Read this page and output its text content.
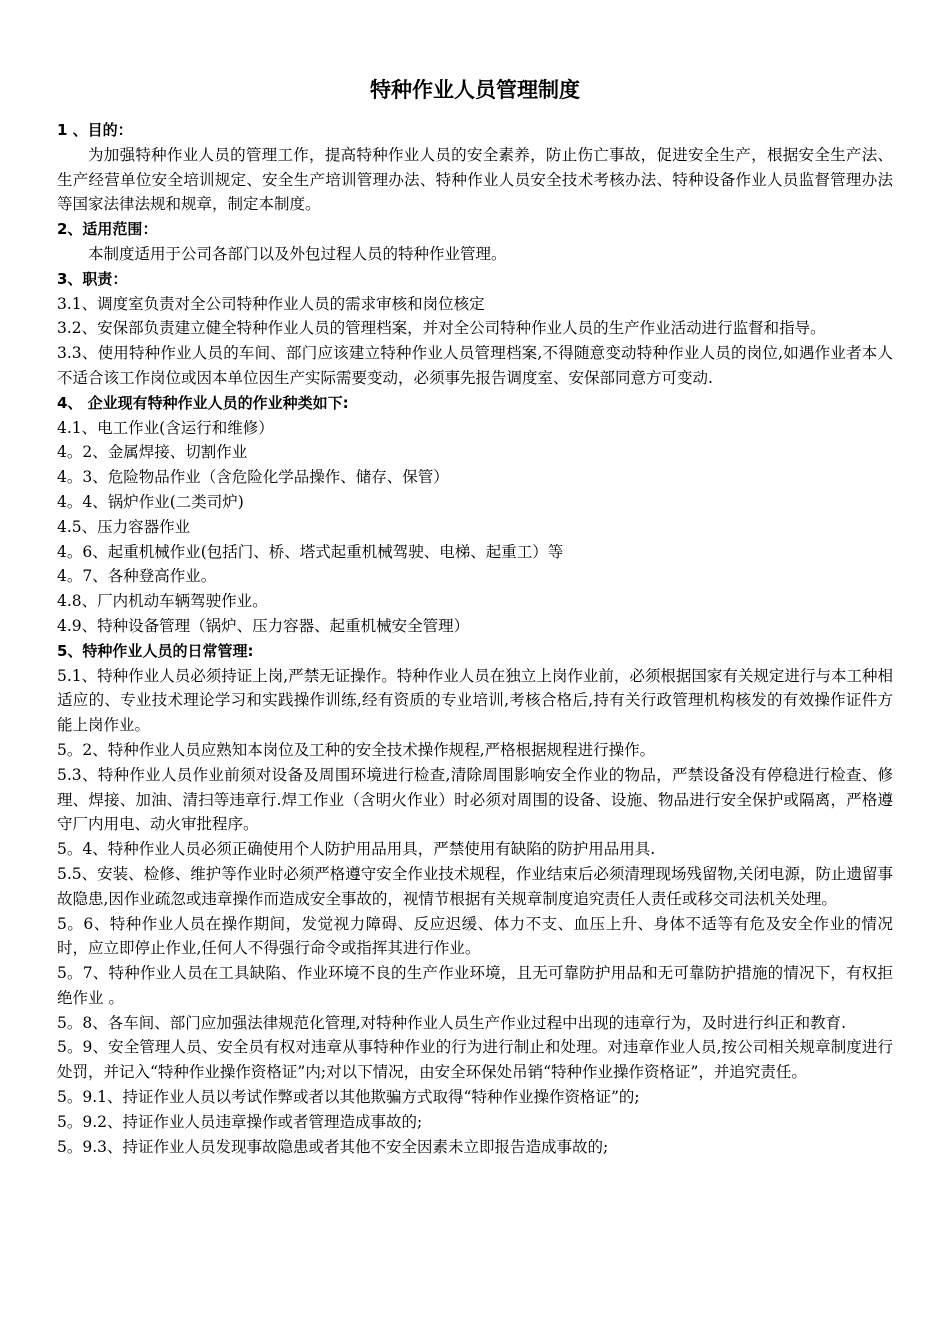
特种作业人员管理制度
1 、目的：
为加强特种作业人员的管理工作，提高特种作业人员的安全素养，防止伤亡事故，促进安全生产，根据安全生产法、生产经营单位安全培训规定、安全生产培训管理办法、特种作业人员安全技术考核办法、特种设备作业人员监督管理办法等国家法律法规和规章，制定本制度。
2、适用范围：
本制度适用于公司各部门以及外包过程人员的特种作业管理。
3、职责：
3.1、调度室负责对全公司特种作业人员的需求审核和岗位核定
3.2、安保部负责建立健全特种作业人员的管理档案，并对全公司特种作业人员的生产作业活动进行监督和指导。
3.3、使用特种作业人员的车间、部门应该建立特种作业人员管理档案,不得随意变动特种作业人员的岗位,如遇作业者本人不适合该工作岗位或因本单位因生产实际需要变动，必须事先报告调度室、安保部同意方可变动.
4、 企业现有特种作业人员的作业种类如下:
4.1、电工作业(含运行和维修）
4。2、金属焊接、切割作业
4。3、危险物品作业（含危险化学品操作、储存、保管）
4。4、锅炉作业(二类司炉)
4.5、压力容器作业
4。6、起重机械作业(包括门、桥、塔式起重机械驾驶、电梯、起重工）等
4。7、各种登高作业。
4.8、厂内机动车辆驾驶作业。
4.9、特种设备管理（锅炉、压力容器、起重机械安全管理）
5、特种作业人员的日常管理:
5.1、特种作业人员必须持证上岗,严禁无证操作。特种作业人员在独立上岗作业前，必须根据国家有关规定进行与本工种相适应的、专业技术理论学习和实践操作训练,经有资质的专业培训,考核合格后,持有关行政管理机构核发的有效操作证件方能上岗作业。
5。2、特种作业人员应熟知本岗位及工种的安全技术操作规程,严格根据规程进行操作。
5.3、特种作业人员作业前须对设备及周围环境进行检查,清除周围影响安全作业的物品，严禁设备没有停稳进行检查、修理、焊接、加油、清扫等违章行.焊工作业（含明火作业）时必须对周围的设备、设施、物品进行安全保护或隔离，严格遵守厂内用电、动火审批程序。
5。4、特种作业人员必须正确使用个人防护用品用具，严禁使用有缺陷的防护用品用具.
5.5、安装、检修、维护等作业时必须严格遵守安全作业技术规程，作业结束后必须清理现场残留物,关闭电源，防止遗留事故隐患,因作业疏忽或违章操作而造成安全事故的，视情节根据有关规章制度追究责任人责任或移交司法机关处理。
5。6、特种作业人员在操作期间，发觉视力障碍、反应迟缓、体力不支、血压上升、身体不适等有危及安全作业的情况时，应立即停止作业,任何人不得强行命令或指挥其进行作业。
5。7、特种作业人员在工具缺陷、作业环境不良的生产作业环境，且无可靠防护用品和无可靠防护措施的情况下，有权拒绝作业 。
5。8、各车间、部门应加强法律规范化管理,对特种作业人员生产作业过程中出现的违章行为，及时进行纠正和教育.
5。9、安全管理人员、安全员有权对违章从事特种作业的行为进行制止和处理。对违章作业人员,按公司相关规章制度进行处罚，并记入“特种作业操作资格证”内;对以下情况，由安全环保处吊销“特种作业操作资格证”，并追究责任。
5。9.1、持证作业人员以考试作弊或者以其他欺骗方式取得“特种作业操作资格证”的;
5。9.2、持证作业人员违章操作或者管理造成事故的;
5。9.3、持证作业人员发现事故隐患或者其他不安全因素未立即报告造成事故的;
